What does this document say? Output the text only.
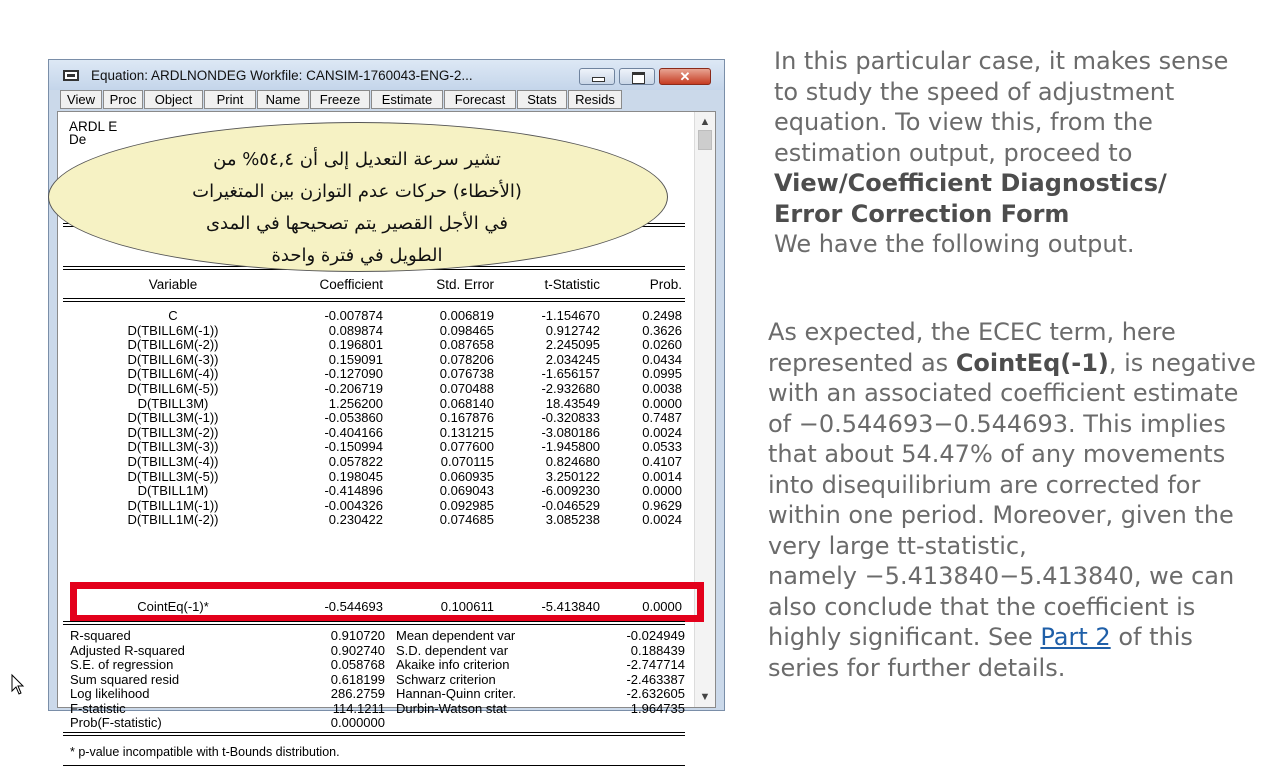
Equation: ARDLNONDEG Workfile: CANSIM-1760043-ENG-2...	✕
View	Proc	Object	Print	Name	Freeze	Estimate	Forecast	Stats	Resids
▲
▼
ARDL E
De
Variable	Coefficient	Std. Error	t-Statistic	Prob.
C	-0.007874	0.006819	-1.154670	0.2498
D(TBILL6M(-1))	0.089874	0.098465	0.912742	0.3626
D(TBILL6M(-2))	0.196801	0.087658	2.245095	0.0260
D(TBILL6M(-3))	0.159091	0.078206	2.034245	0.0434
D(TBILL6M(-4))	-0.127090	0.076738	-1.656157	0.0995
D(TBILL6M(-5))	-0.206719	0.070488	-2.932680	0.0038
D(TBILL3M)	1.256200	0.068140	18.43549	0.0000
D(TBILL3M(-1))	-0.053860	0.167876	-0.320833	0.7487
D(TBILL3M(-2))	-0.404166	0.131215	-3.080186	0.0024
D(TBILL3M(-3))	-0.150994	0.077600	-1.945800	0.0533
D(TBILL3M(-4))	0.057822	0.070115	0.824680	0.4107
D(TBILL3M(-5))	0.198045	0.060935	3.250122	0.0014
D(TBILL1M)	-0.414896	0.069043	-6.009230	0.0000
D(TBILL1M(-1))	-0.004326	0.092985	-0.046529	0.9629
D(TBILL1M(-2))	0.230422	0.074685	3.085238	0.0024
CointEq(-1)*	-0.544693	0.100611	-5.413840	0.0000
R-squared	0.910720 Mean dependent var	-0.024949
Adjusted R-squared	0.902740 S.D. dependent var	0.188439
S.E. of regression	0.058768 Akaike info criterion	-2.747714
Sum squared resid	0.618199 Schwarz criterion	-2.463387
Log likelihood	286.2759 Hannan-Quinn criter.	-2.632605
F-statistic	114.1211 Durbin-Watson stat	1.964735
Prob(F-statistic)	0.000000
* p-value incompatible with t-Bounds distribution.
تشير سرعة التعديل إلى أن ٥٤,٤% من
(الأخطاء) حركات عدم التوازن بين المتغيرات
في الأجل القصير يتم تصحيحها في المدى
الطويل في فترة واحدة
In this particular case, it makes sense
to study the speed of adjustment
equation. To view this, from the
estimation output, proceed to
View/Coefficient Diagnostics/
Error Correction Form
We have the following output.
As expected, the ECEC term, here
represented as CointEq(-1), is negative
with an associated coefficient estimate
of −0.544693−0.544693. This implies
that about 54.47% of any movements
into disequilibrium are corrected for
within one period. Moreover, given the
very large tt-statistic,
namely −5.413840−5.413840, we can
also conclude that the coefficient is
highly significant. See Part 2 of this
series for further details.
